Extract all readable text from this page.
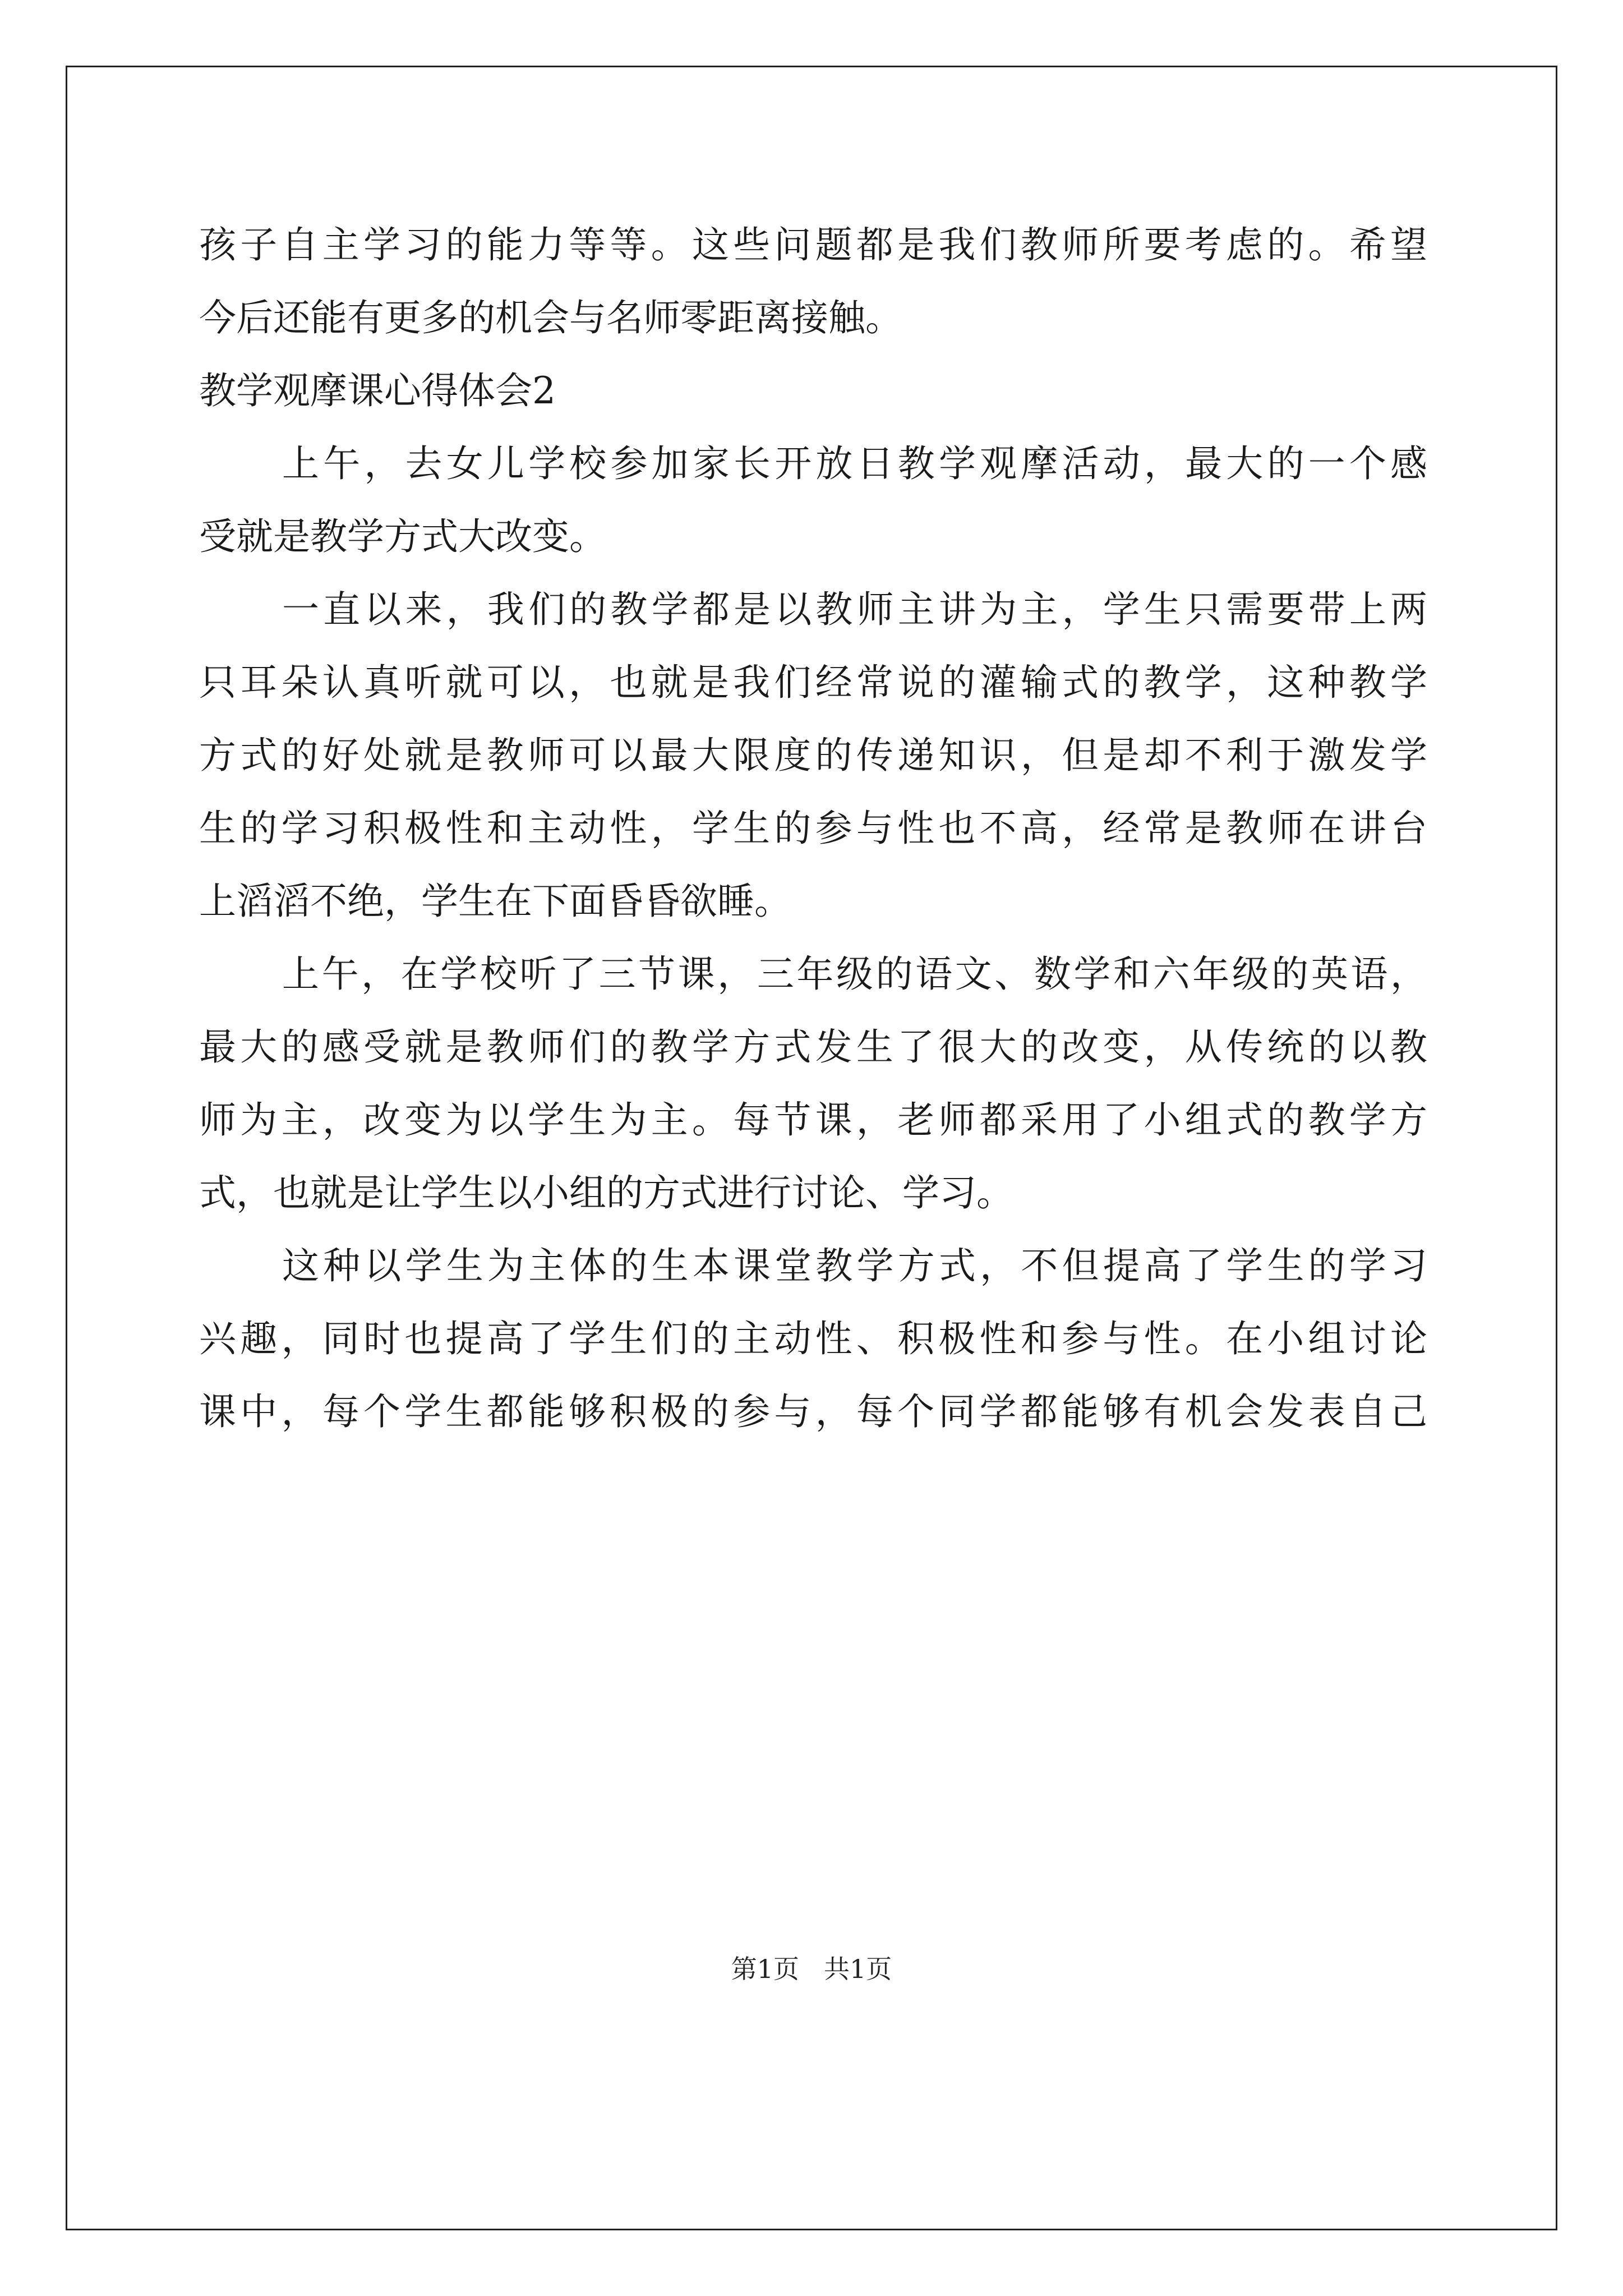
孩子自主学习的能力等等。这些问题都是我们教师所要考虑的。希望
今后还能有更多的机会与名师零距离接触。
教学观摩课心得体会2
上午，去女儿学校参加家长开放日教学观摩活动，最大的一个感
受就是教学方式大改变。
一直以来，我们的教学都是以教师主讲为主，学生只需要带上两
只耳朵认真听就可以，也就是我们经常说的灌输式的教学，这种教学
方式的好处就是教师可以最大限度的传递知识，但是却不利于激发学
生的学习积极性和主动性，学生的参与性也不高，经常是教师在讲台
上滔滔不绝，学生在下面昏昏欲睡。
上午，在学校听了三节课，三年级的语文、数学和六年级的英语，
最大的感受就是教师们的教学方式发生了很大的改变，从传统的以教
师为主，改变为以学生为主。每节课，老师都采用了小组式的教学方
式，也就是让学生以小组的方式进行讨论、学习。
这种以学生为主体的生本课堂教学方式，不但提高了学生的学习
兴趣，同时也提高了学生们的主动性、积极性和参与性。在小组讨论
课中，每个学生都能够积极的参与，每个同学都能够有机会发表自己
第1页 共1页
